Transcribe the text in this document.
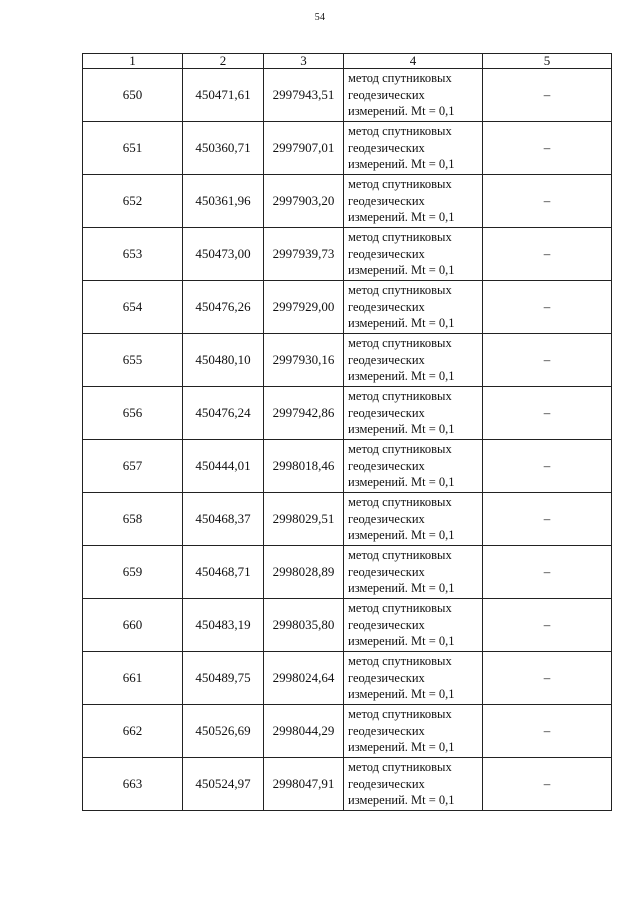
54
1	2	3	4	5
650	450471,61	2997943,51	метод спутниковых геодезических измерений. Mt = 0,1	–
651	450360,71	2997907,01	метод спутниковых геодезических измерений. Mt = 0,1	–
652	450361,96	2997903,20	метод спутниковых геодезических измерений. Mt = 0,1	–
653	450473,00	2997939,73	метод спутниковых геодезических измерений. Mt = 0,1	–
654	450476,26	2997929,00	метод спутниковых геодезических измерений. Mt = 0,1	–
655	450480,10	2997930,16	метод спутниковых геодезических измерений. Mt = 0,1	–
656	450476,24	2997942,86	метод спутниковых геодезических измерений. Mt = 0,1	–
657	450444,01	2998018,46	метод спутниковых геодезических измерений. Mt = 0,1	–
658	450468,37	2998029,51	метод спутниковых геодезических измерений. Mt = 0,1	–
659	450468,71	2998028,89	метод спутниковых геодезических измерений. Mt = 0,1	–
660	450483,19	2998035,80	метод спутниковых геодезических измерений. Mt = 0,1	–
661	450489,75	2998024,64	метод спутниковых геодезических измерений. Mt = 0,1	–
662	450526,69	2998044,29	метод спутниковых геодезических измерений. Mt = 0,1	–
663	450524,97	2998047,91	метод спутниковых геодезических измерений. Mt = 0,1	–
